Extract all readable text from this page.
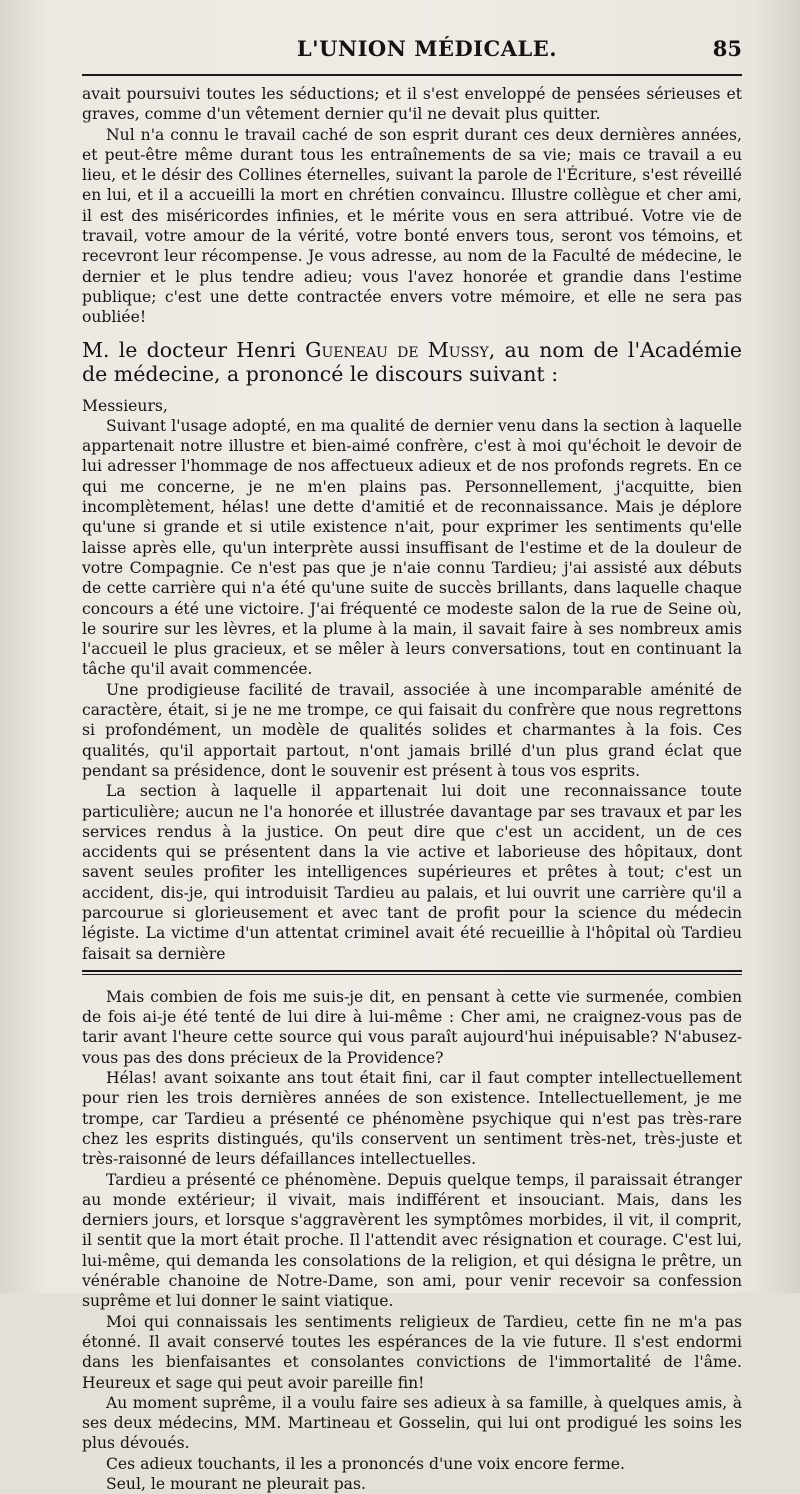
L'UNION MÉDICALE.	85

avait poursuivi toutes les séductions; et il s'est enveloppé de pensées sérieuses et graves, comme d'un vêtement dernier qu'il ne devait plus quitter.

Nul n'a connu le travail caché de son esprit durant ces deux dernières années, et peut-être même durant tous les entraînements de sa vie; mais ce travail a eu lieu, et le désir des Collines éternelles, suivant la parole de l'Écriture, s'est réveillé en lui, et il a accueilli la mort en chrétien convaincu. Illustre collègue et cher ami, il est des miséricordes infinies, et le mérite vous en sera attribué. Votre vie de travail, votre amour de la vérité, votre bonté envers tous, seront vos témoins, et recevront leur récompense. Je vous adresse, au nom de la Faculté de médecine, le dernier et le plus tendre adieu; vous l'avez honorée et grandie dans l'estime publique; c'est une dette contractée envers votre mémoire, et elle ne sera pas oubliée!

M. le docteur Henri Gueneau de Mussy, au nom de l'Académie de médecine, a prononcé le discours suivant :

Messieurs,

Suivant l'usage adopté, en ma qualité de dernier venu dans la section à laquelle appartenait notre illustre et bien-aimé confrère, c'est à moi qu'échoit le devoir de lui adresser l'hommage de nos affectueux adieux et de nos profonds regrets. En ce qui me concerne, je ne m'en plains pas. Personnellement, j'acquitte, bien incomplètement, hélas! une dette d'amitié et de reconnaissance. Mais je déplore qu'une si grande et si utile existence n'ait, pour exprimer les sentiments qu'elle laisse après elle, qu'un interprète aussi insuffisant de l'estime et de la douleur de votre Compagnie. Ce n'est pas que je n'aie connu Tardieu; j'ai assisté aux débuts de cette carrière qui n'a été qu'une suite de succès brillants, dans laquelle chaque concours a été une victoire. J'ai fréquenté ce modeste salon de la rue de Seine où, le sourire sur les lèvres, et la plume à la main, il savait faire à ses nombreux amis l'accueil le plus gracieux, et se mêler à leurs conversations, tout en continuant la tâche qu'il avait commencée.

Une prodigieuse facilité de travail, associée à une incomparable aménité de caractère, était, si je ne me trompe, ce qui faisait du confrère que nous regrettons si profondément, un modèle de qualités solides et charmantes à la fois. Ces qualités, qu'il apportait partout, n'ont jamais brillé d'un plus grand éclat que pendant sa présidence, dont le souvenir est présent à tous vos esprits.

La section à laquelle il appartenait lui doit une reconnaissance toute particulière; aucun ne l'a honorée et illustrée davantage par ses travaux et par les services rendus à la justice. On peut dire que c'est un accident, un de ces accidents qui se présentent dans la vie active et laborieuse des hôpitaux, dont savent seules profiter les intelligences supérieures et prêtes à tout; c'est un accident, dis-je, qui introduisit Tardieu au palais, et lui ouvrit une carrière qu'il a parcourue si glorieusement et avec tant de profit pour la science du médecin légiste. La victime d'un attentat criminel avait été recueillie à l'hôpital où Tardieu faisait sa dernière

Mais combien de fois me suis-je dit, en pensant à cette vie surmenée, combien de fois ai-je été tenté de lui dire à lui-même : Cher ami, ne craignez-vous pas de tarir avant l'heure cette source qui vous paraît aujourd'hui inépuisable? N'abusez-vous pas des dons précieux de la Providence?

Hélas! avant soixante ans tout était fini, car il faut compter intellectuellement pour rien les trois dernières années de son existence. Intellectuellement, je me trompe, car Tardieu a présenté ce phénomène psychique qui n'est pas très-rare chez les esprits distingués, qu'ils conservent un sentiment très-net, très-juste et très-raisonné de leurs défaillances intellectuelles.

Tardieu a présenté ce phénomène. Depuis quelque temps, il paraissait étranger au monde extérieur; il vivait, mais indifférent et insouciant. Mais, dans les derniers jours, et lorsque s'aggravèrent les symptômes morbides, il vit, il comprit, il sentit que la mort était proche. Il l'attendit avec résignation et courage. C'est lui, lui-même, qui demanda les consolations de la religion, et qui désigna le prêtre, un vénérable chanoine de Notre-Dame, son ami, pour venir recevoir sa confession suprême et lui donner le saint viatique.

Moi qui connaissais les sentiments religieux de Tardieu, cette fin ne m'a pas étonné. Il avait conservé toutes les espérances de la vie future. Il s'est endormi dans les bienfaisantes et consolantes convictions de l'immortalité de l'âme. Heureux et sage qui peut avoir pareille fin!

Au moment suprême, il a voulu faire ses adieux à sa famille, à quelques amis, à ses deux médecins, MM. Martineau et Gosselin, qui lui ont prodigué les soins les plus dévoués.

Ces adieux touchants, il les a prononcés d'une voix encore ferme.

Seul, le mourant ne pleurait pas.
